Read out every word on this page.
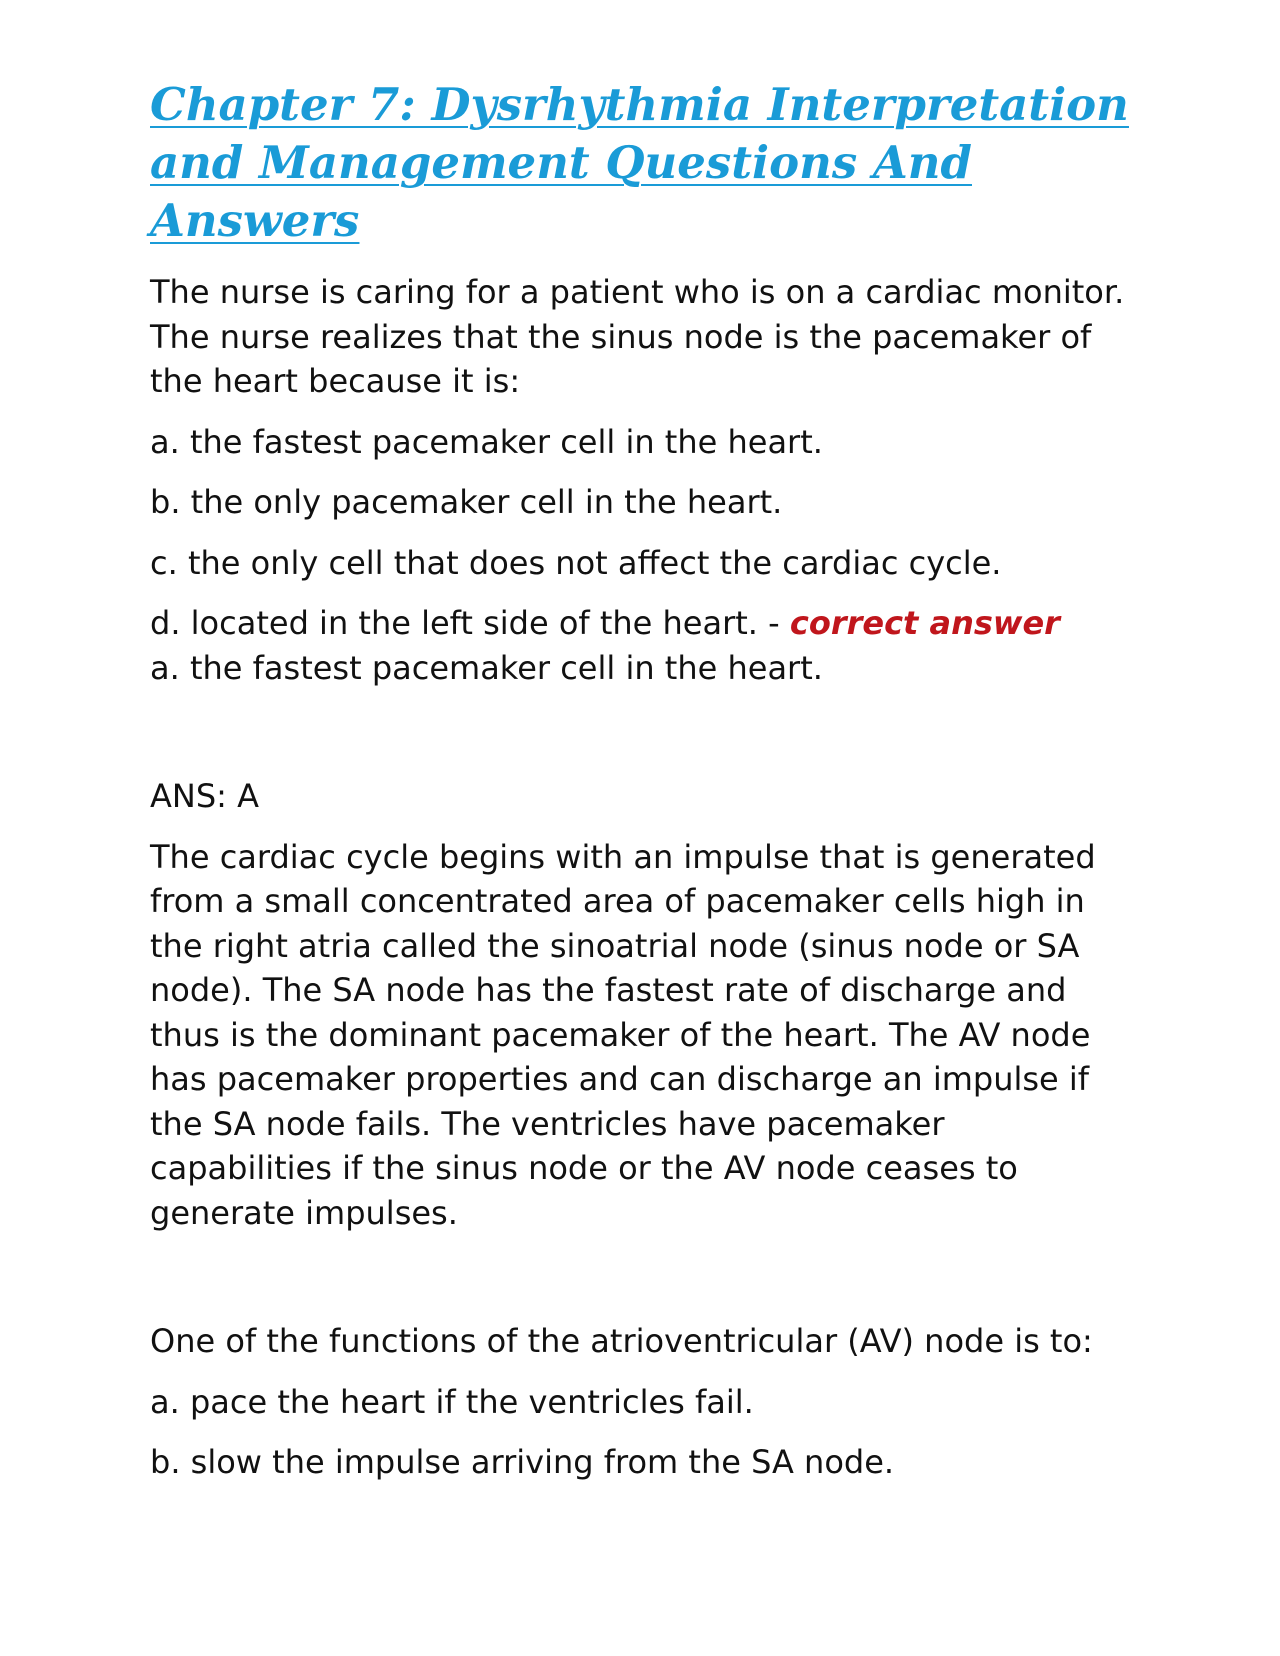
Chapter 7: Dysrhythmia Interpretation and Management Questions And Answers

The nurse is caring for a patient who is on a cardiac monitor. The nurse realizes that the sinus node is the pacemaker of the heart because it is:

a. the fastest pacemaker cell in the heart.

b. the only pacemaker cell in the heart.

c. the only cell that does not affect the cardiac cycle.

d. located in the left side of the heart. - correct answer
a. the fastest pacemaker cell in the heart.

ANS: A

The cardiac cycle begins with an impulse that is generated from a small concentrated area of pacemaker cells high in the right atria called the sinoatrial node (sinus node or SA node). The SA node has the fastest rate of discharge and thus is the dominant pacemaker of the heart. The AV node has pacemaker properties and can discharge an impulse if the SA node fails. The ventricles have pacemaker capabilities if the sinus node or the AV node ceases to generate impulses.

One of the functions of the atrioventricular (AV) node is to:

a. pace the heart if the ventricles fail.

b. slow the impulse arriving from the SA node.
